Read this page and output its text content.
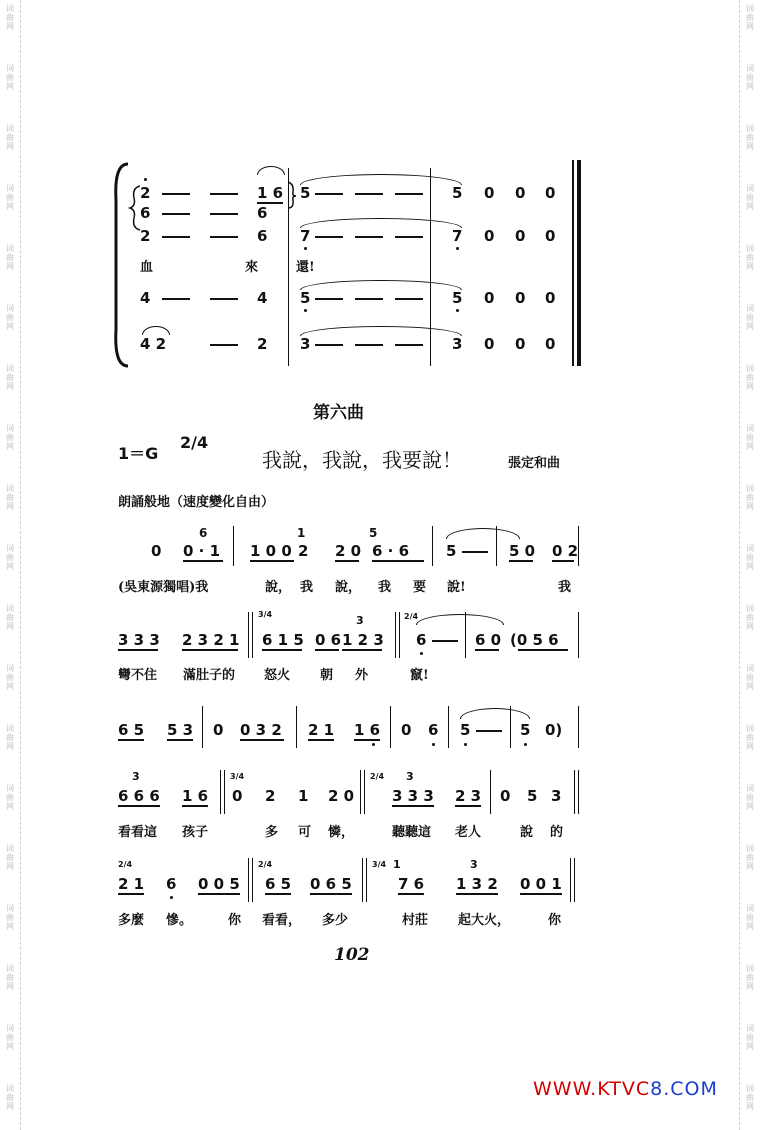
词
曲
网
词
曲
网
词
曲
网
词
曲
网
词
曲
网
词
曲
网
词
曲
网
词
曲
网
词
曲
网
词
曲
网
词
曲
网
词
曲
网
词
曲
网
词
曲
网
词
曲
网
词
曲
网
词
曲
网
词
曲
网
词
曲
网
词
曲
网
词
曲
网
词
曲
网
词
曲
网
词
曲
网
词
曲
网
词
曲
网
词
曲
网
词
曲
网
词
曲
网
词
曲
网
词
曲
网
词
曲
网
词
曲
网
词
曲
网
词
曲
网
词
曲
网
词
曲
网
词
曲
网
2	1 6 5	5 0 0 0
6	6
2	6 7	7 0 0 0
血	來	還!
4	4 5	5 0 0 0
4 2	2 3	3 0 0 0
第六曲
1＝G
2/4
我說，我說，我要說！	張定和曲
朗誦般地（速度變化自由）
0 0 · 1
6
1 0 0
1
2 2 0
5
6 · 6 5	5 0 0 2
(吳東源獨唱)我	說， 我 說， 我 要 說!	我
3 3 3 2 3 2 1
3/4
6 1 5 0 6
3
1 2 3
2/4
6	6 0 (0 5 6
彎不住 滿肚子的 怒火 朝 外	竄!
6 5 5 3 0 0 3 2 2 1 1 6 0 6 5	5 0)
3
6 6 6 1 6
3/4
0 2 1 2 0
2/4 3
3 3 3 2 3 0 5 3
看看這 孩子	多 可 憐，	聽聽這 老人	說 的
2/4
2 1 6 0 0 5
2/4
6 5 0 6 5
3/4 1
7 6
3
1 3 2 0 0 1
多麼 慘。	你 看看， 多少	村莊 起大火，	你
102
WWW.KTVC8.COM
